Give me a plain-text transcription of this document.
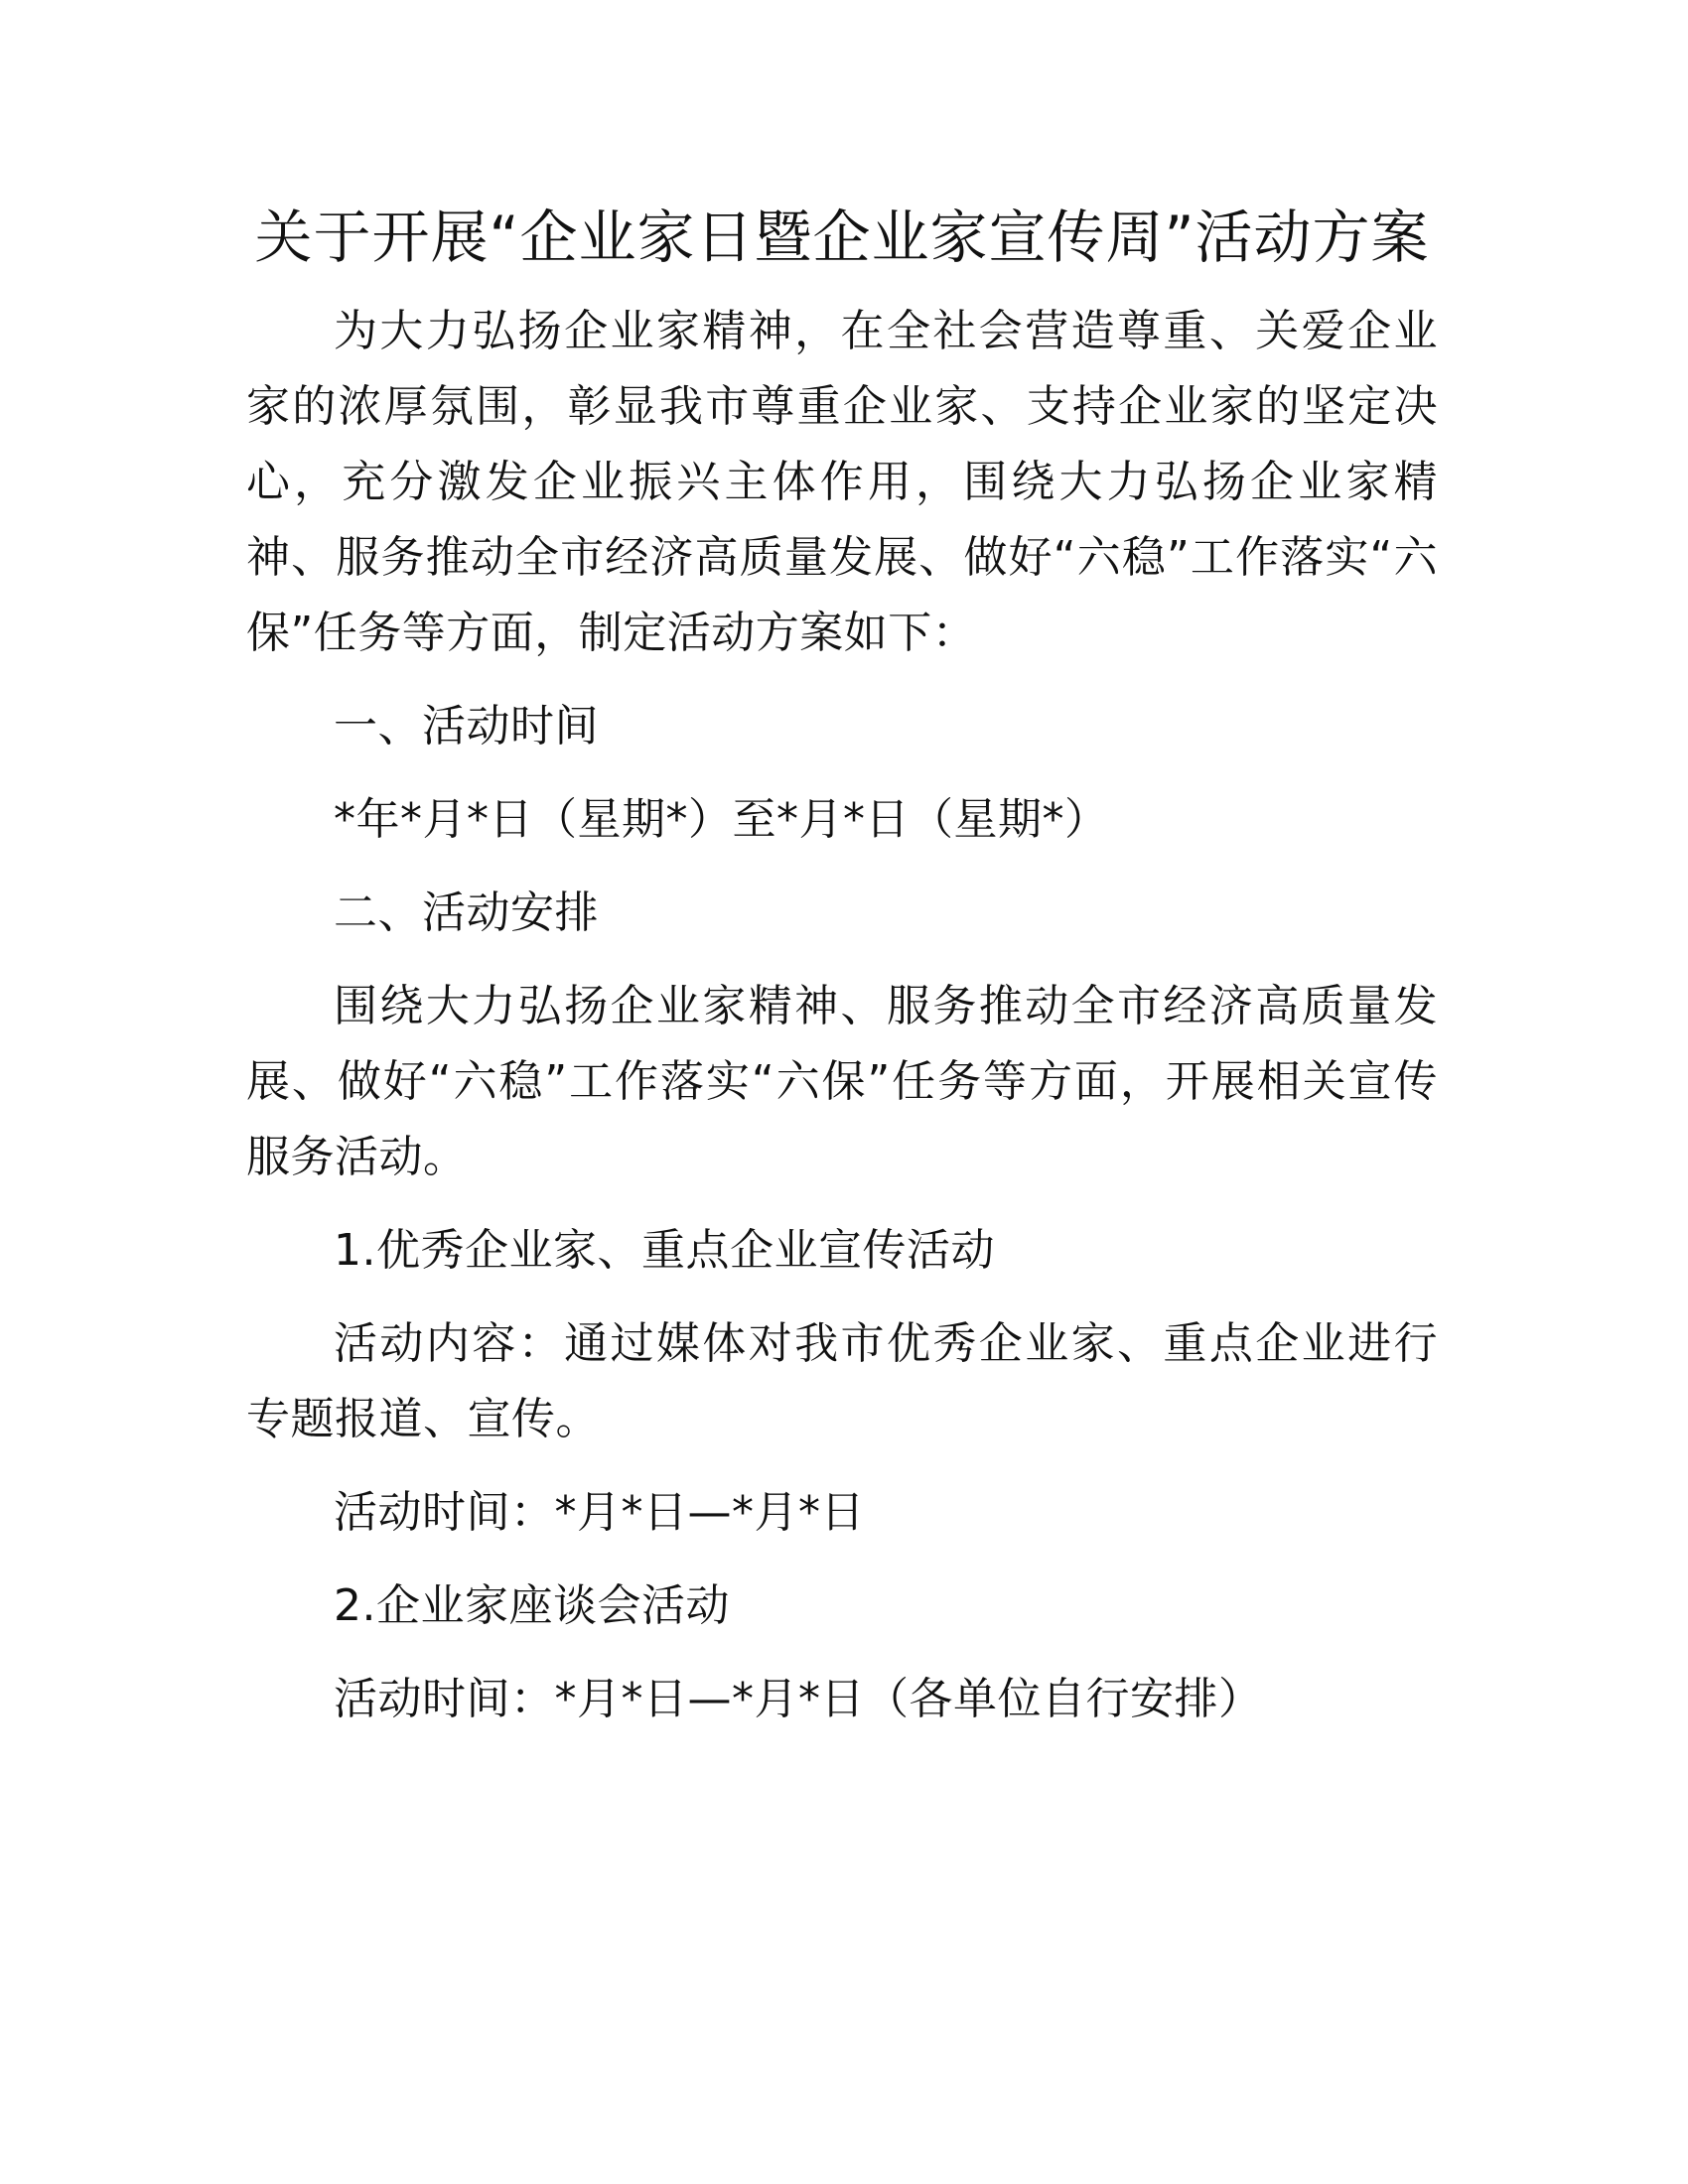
关于开展“企业家日暨企业家宣传周”活动方案

为大力弘扬企业家精神，在全社会营造尊重、关爱企业家的浓厚氛围，彰显我市尊重企业家、支持企业家的坚定决心，充分激发企业振兴主体作用，围绕大力弘扬企业家精神、服务推动全市经济高质量发展、做好“六稳”工作落实“六保”任务等方面，制定活动方案如下：

一、活动时间

*年*月*日（星期*）至*月*日（星期*）

二、活动安排

围绕大力弘扬企业家精神、服务推动全市经济高质量发展、做好“六稳”工作落实“六保”任务等方面，开展相关宣传服务活动。

1.优秀企业家、重点企业宣传活动

活动内容：通过媒体对我市优秀企业家、重点企业进行专题报道、宣传。

活动时间：*月*日—*月*日

2.企业家座谈会活动

活动时间：*月*日—*月*日（各单位自行安排）
